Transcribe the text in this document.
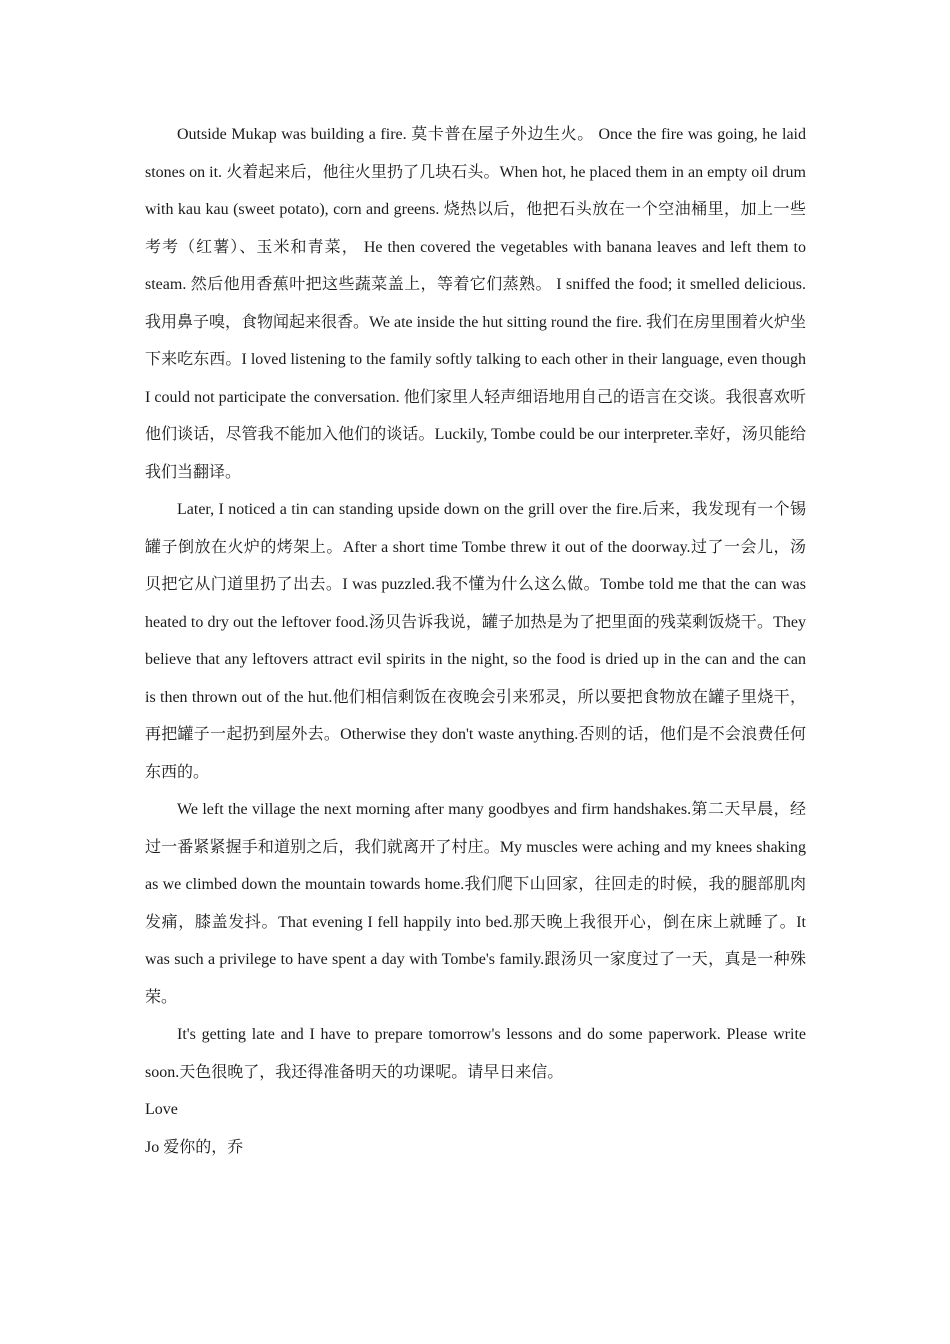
Outside Mukap was building a fire. 莫卡普在屋子外边生火。 Once the fire was going, he laid stones on it. 火着起来后，他往火里扔了几块石头。When hot, he placed them in an empty oil drum with kau kau (sweet potato), corn and greens. 烧热以后，他把石头放在一个空油桶里，加上一些考考（红薯）、玉米和青菜， He then covered the vegetables with banana leaves and left them to steam. 然后他用香蕉叶把这些蔬菜盖上，等着它们蒸熟。 I sniffed the food; it smelled delicious. 我用鼻子嗅，食物闻起来很香。We ate inside the hut sitting round the fire. 我们在房里围着火炉坐下来吃东西。I loved listening to the family softly talking to each other in their language, even though I could not participate the conversation. 他们家里人轻声细语地用自己的语言在交谈。我很喜欢听他们谈话，尽管我不能加入他们的谈话。Luckily, Tombe could be our interpreter.幸好，汤贝能给我们当翻译。

Later, I noticed a tin can standing upside down on the grill over the fire.后来，我发现有一个锡罐子倒放在火炉的烤架上。After a short time Tombe threw it out of the doorway.过了一会儿，汤贝把它从门道里扔了出去。I was puzzled.我不懂为什么这么做。Tombe told me that the can was heated to dry out the leftover food.汤贝告诉我说，罐子加热是为了把里面的残菜剩饭烧干。They believe that any leftovers attract evil spirits in the night, so the food is dried up in the can and the can is then thrown out of the hut.他们相信剩饭在夜晚会引来邪灵，所以要把食物放在罐子里烧干，再把罐子一起扔到屋外去。Otherwise they don't waste anything.否则的话，他们是不会浪费任何东西的。

We left the village the next morning after many goodbyes and firm handshakes.第二天早晨，经过一番紧紧握手和道别之后，我们就离开了村庄。My muscles were aching and my knees shaking as we climbed down the mountain towards home.我们爬下山回家，往回走的时候，我的腿部肌肉发痛，膝盖发抖。That evening I fell happily into bed.那天晚上我很开心，倒在床上就睡了。It was such a privilege to have spent a day with Tombe's family.跟汤贝一家度过了一天，真是一种殊荣。

It's getting late and I have to prepare tomorrow's lessons and do some paperwork. Please write soon.天色很晚了，我还得准备明天的功课呢。请早日来信。

Love

Jo 爱你的，乔
